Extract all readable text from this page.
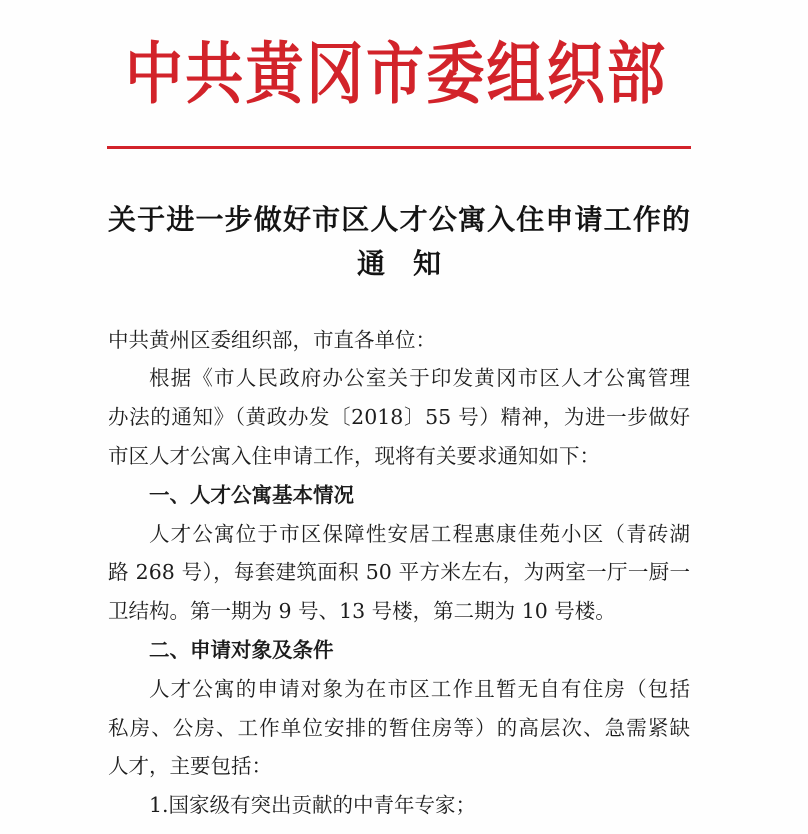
中共黄冈市委组织部
关于进一步做好市区人才公寓入住申请工作的
通　知
中共黄州区委组织部，市直各单位：
根据《市人民政府办公室关于印发黄冈市区人才公寓管理
办法的通知》（黄政办发〔2018〕55 号）精神，为进一步做好
市区人才公寓入住申请工作，现将有关要求通知如下：
一、人才公寓基本情况
人才公寓位于市区保障性安居工程惠康佳苑小区（青砖湖
路 268 号），每套建筑面积 50 平方米左右，为两室一厅一厨一
卫结构。第一期为 9 号、13 号楼，第二期为 10 号楼。
二、申请对象及条件
人才公寓的申请对象为在市区工作且暂无自有住房（包括
私房、公房、工作单位安排的暂住房等）的高层次、急需紧缺
人才，主要包括：
1.国家级有突出贡献的中青年专家；
